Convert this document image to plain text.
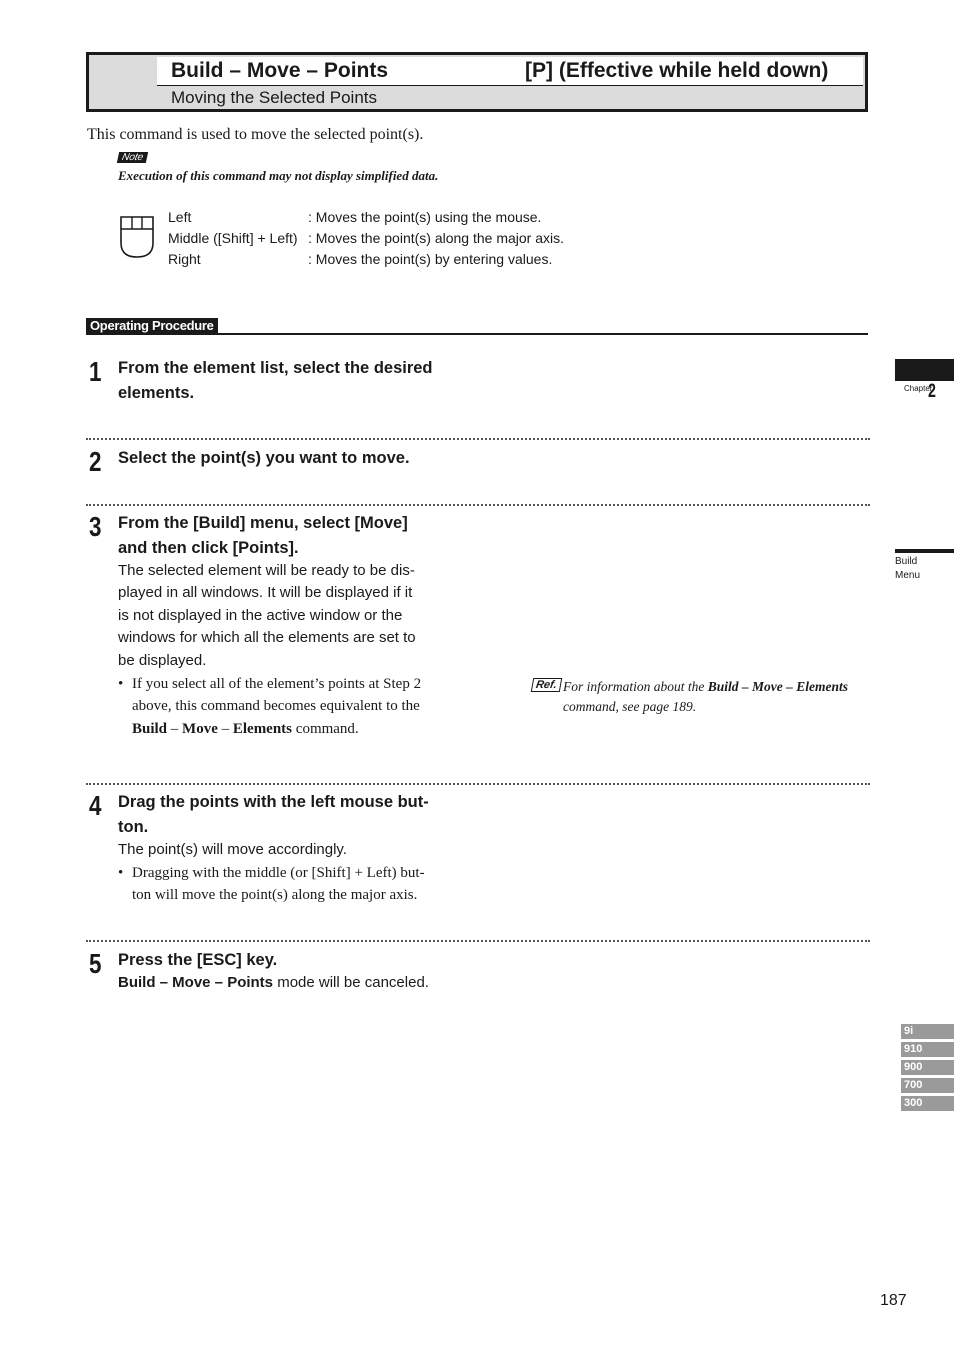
Build – Move – Points	[P] (Effective while held down)
Moving the Selected Points
This command is used to move the selected point(s).
Note
Execution of this command may not display simplified data.
Left	: Moves the point(s) using the mouse.
Middle ([Shift] + Left) : Moves the point(s) along the major axis.
Right	: Moves the point(s) by entering values.
Operating Procedure
1 From the element list, select the desired
elements.
2 Select the point(s) you want to move.
3 From the [Build] menu, select [Move]
and then click [Points].
The selected element will be ready to be dis-
played in all windows. It will be displayed if it
is not displayed in the active window or the
windows for which all the elements are set to
be displayed.
• If you select all of the element’s points at Step 2
above, this command becomes equivalent to the
Build – Move – Elements command.
Ref. For information about the Build – Move – Elements
command, see page 189.
4 Drag the points with the left mouse but-
ton.
The point(s) will move accordingly.
• Dragging with the middle (or [Shift] + Left) but-
ton will move the point(s) along the major axis.
5 Press the [ESC] key.
Build – Move – Points mode will be canceled.
Chapter
2
Build
Menu
9i
910
900
700
300
187
